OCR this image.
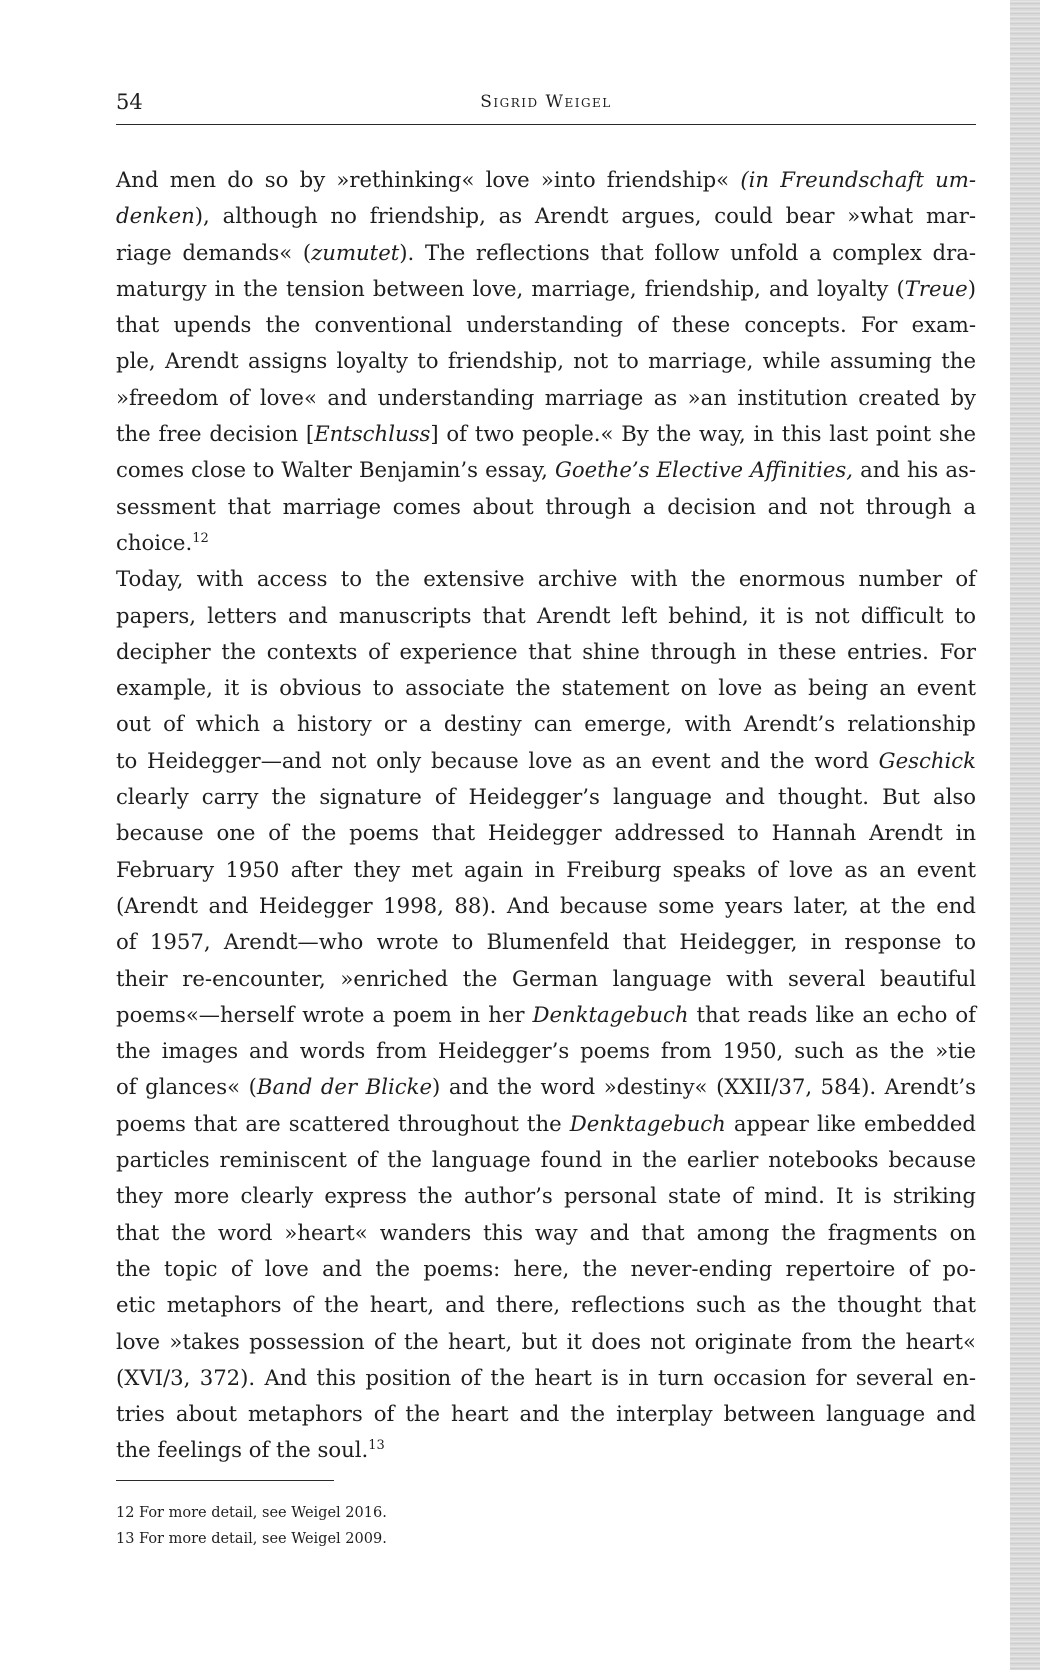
54	Sigrid Weigel
And men do so by »rethinking« love »into friendship« (in Freundschaft um-
denken), although no friendship, as Arendt argues, could bear »what mar-
riage demands« (zumutet). The reflections that follow unfold a complex dra-
maturgy in the tension between love, marriage, friendship, and loyalty (Treue)
that upends the conventional understanding of these concepts. For exam-
ple, Arendt assigns loyalty to friendship, not to marriage, while assuming the
»freedom of love« and understanding marriage as »an institution created by
the free decision [Entschluss] of two people.« By the way, in this last point she
comes close to Walter Benjamin’s essay, Goethe’s Elective Affinities, and his as-
sessment that marriage comes about through a decision and not through a
choice.$^{12}$
Today, with access to the extensive archive with the enormous number of
papers, letters and manuscripts that Arendt left behind, it is not difficult to
decipher the contexts of experience that shine through in these entries. For
example, it is obvious to associate the statement on love as being an event
out of which a history or a destiny can emerge, with Arendt’s relationship
to Heidegger—and not only because love as an event and the word Geschick
clearly carry the signature of Heidegger’s language and thought. But also
because one of the poems that Heidegger addressed to Hannah Arendt in
February 1950 after they met again in Freiburg speaks of love as an event
(Arendt and Heidegger 1998, 88). And because some years later, at the end
of 1957, Arendt—who wrote to Blumenfeld that Heidegger, in response to
their re-encounter, »enriched the German language with several beautiful
poems«—herself wrote a poem in her Denktagebuch that reads like an echo of
the images and words from Heidegger’s poems from 1950, such as the »tie
of glances« (Band der Blicke) and the word »destiny« (XXII/37, 584). Arendt’s
poems that are scattered throughout the Denktagebuch appear like embedded
particles reminiscent of the language found in the earlier notebooks because
they more clearly express the author’s personal state of mind. It is striking
that the word »heart« wanders this way and that among the fragments on
the topic of love and the poems: here, the never-ending repertoire of po-
etic metaphors of the heart, and there, reflections such as the thought that
love »takes possession of the heart, but it does not originate from the heart«
(XVI/3, 372). And this position of the heart is in turn occasion for several en-
tries about metaphors of the heart and the interplay between language and
the feelings of the soul.$^{13}$
12 For more detail, see Weigel 2016.
13 For more detail, see Weigel 2009.
